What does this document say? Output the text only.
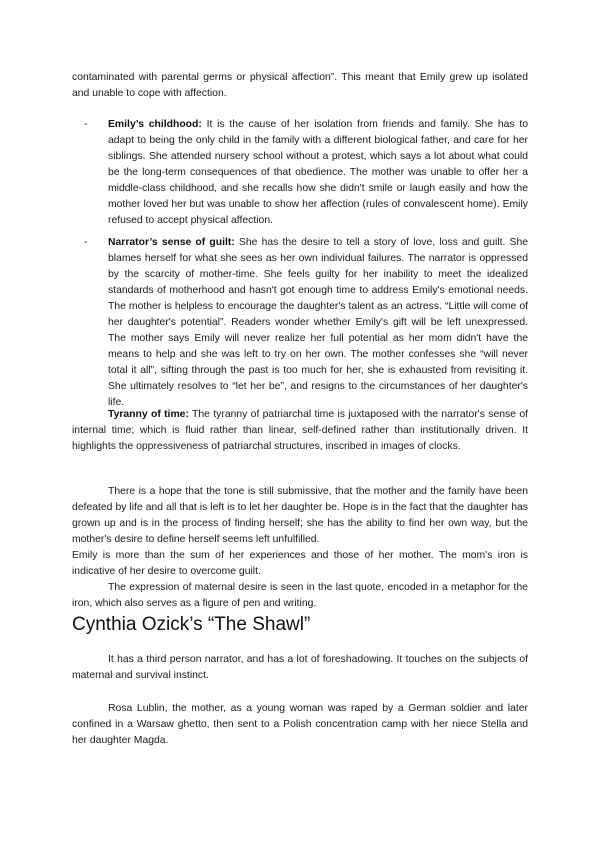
contaminated with parental germs or physical affection”. This meant that Emily grew up isolated and unable to cope with affection.

- Emily’s childhood: It is the cause of her isolation from friends and family. She has to adapt to being the only child in the family with a different biological father, and care for her siblings. She attended nursery school without a protest, which says a lot about what could be the long-term consequences of that obedience. The mother was unable to offer her a middle-class childhood, and she recalls how she didn't smile or laugh easily and how the mother loved her but was unable to show her affection (rules of convalescent home). Emily refused to accept physical affection.

- Narrator’s sense of guilt: She has the desire to tell a story of love, loss and guilt. She blames herself for what she sees as her own individual failures. The narrator is oppressed by the scarcity of mother-time. She feels guilty for her inability to meet the idealized standards of motherhood and hasn't got enough time to address Emily's emotional needs. The mother is helpless to encourage the daughter's talent as an actress. “Little will come of her daughter's potential”. Readers wonder whether Emily's gift will be left unexpressed. The mother says Emily will never realize her full potential as her mom didn't have the means to help and she was left to try on her own. The mother confesses she “will never total it all”, sifting through the past is too much for her, she is exhausted from revisiting it. She ultimately resolves to “let her be”, and resigns to the circumstances of her daughter's life.

Tyranny of time: The tyranny of patriarchal time is juxtaposed with the narrator's sense of internal time; which is fluid rather than linear, self-defined rather than institutionally driven. It highlights the oppressiveness of patriarchal structures, inscribed in images of clocks.

There is a hope that the tone is still submissive, that the mother and the family have been defeated by life and all that is left is to let her daughter be. Hope is in the fact that the daughter has grown up and is in the process of finding herself; she has the ability to find her own way, but the mother's desire to define herself seems left unfulfilled.

Emily is more than the sum of her experiences and those of her mother. The mom's iron is indicative of her desire to overcome guilt.

The expression of maternal desire is seen in the last quote, encoded in a metaphor for the iron, which also serves as a figure of pen and writing.

Cynthia Ozick’s “The Shawl”

It has a third person narrator, and has a lot of foreshadowing. It touches on the subjects of maternal and survival instinct.

Rosa Lublin, the mother, as a young woman was raped by a German soldier and later confined in a Warsaw ghetto, then sent to a Polish concentration camp with her niece Stella and her daughter Magda.
